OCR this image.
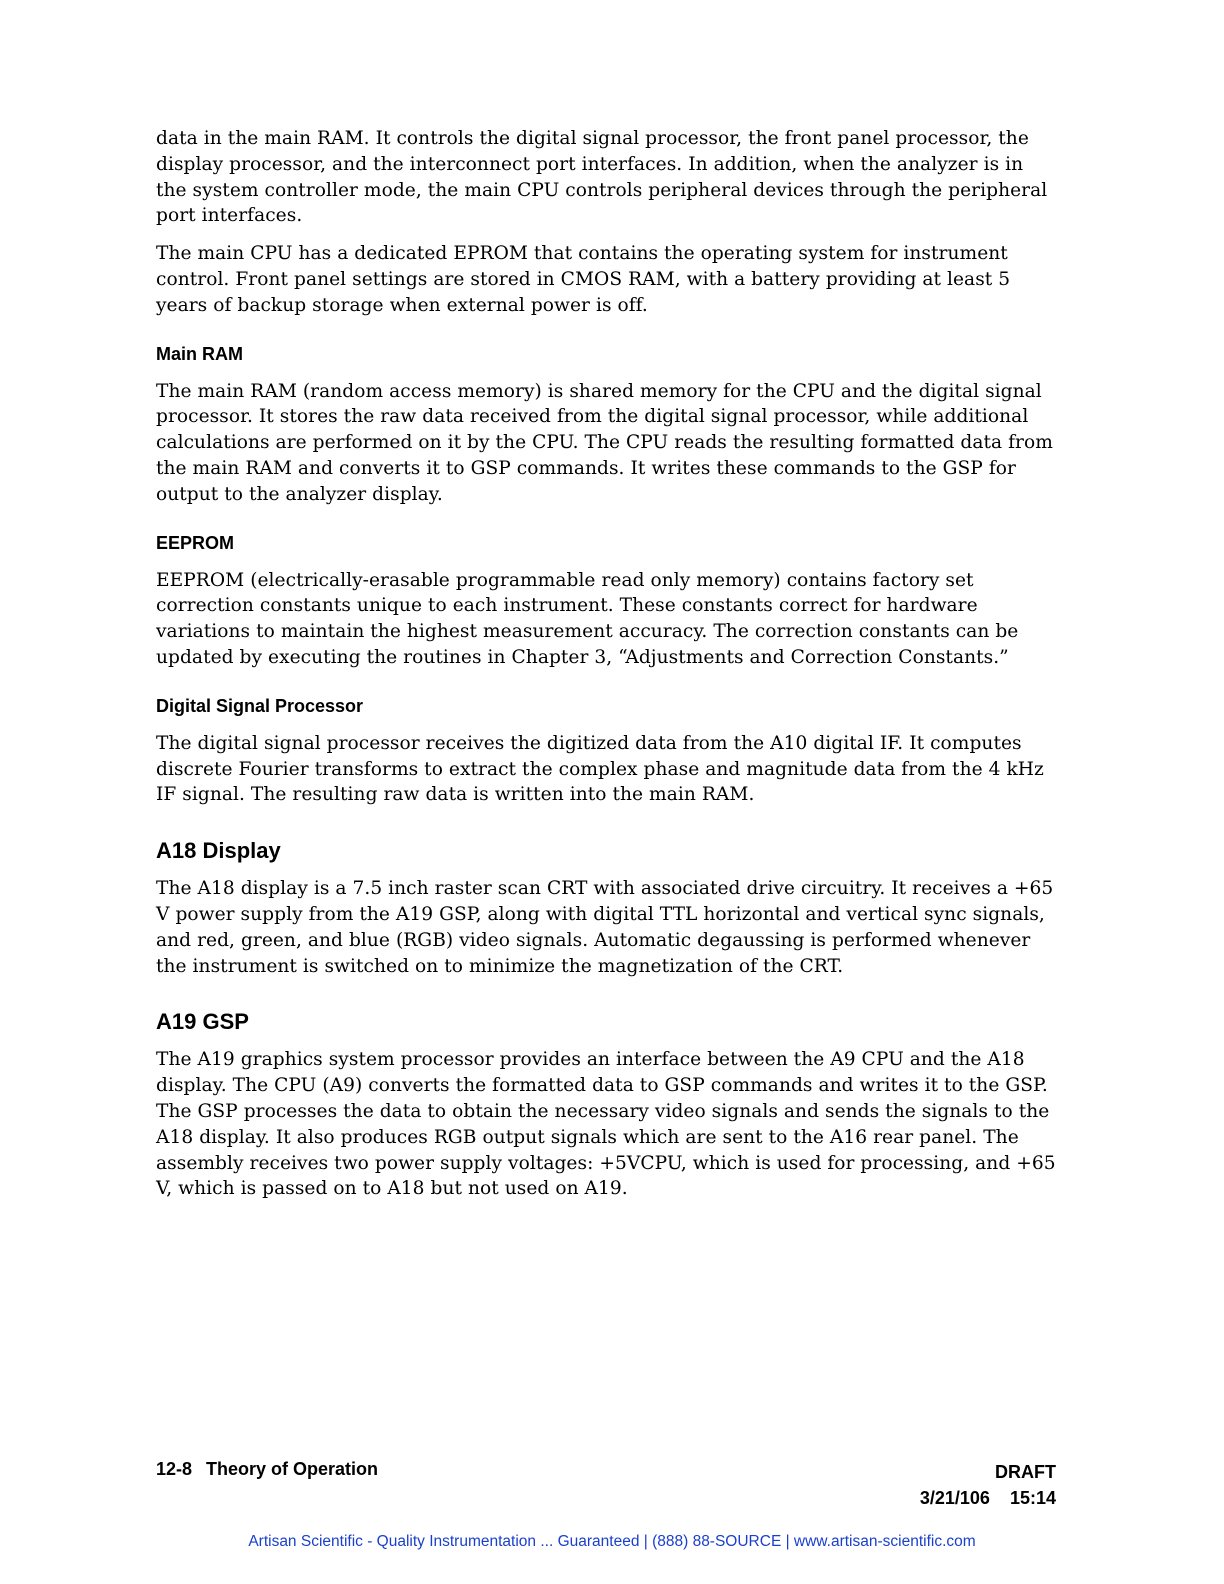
data in the main RAM. It controls the digital signal processor, the front panel processor, the display processor, and the interconnect port interfaces. In addition, when the analyzer is in the system controller mode, the main CPU controls peripheral devices through the peripheral port interfaces.

The main CPU has a dedicated EPROM that contains the operating system for instrument control. Front panel settings are stored in CMOS RAM, with a battery providing at least 5 years of backup storage when external power is off.

Main RAM

The main RAM (random access memory) is shared memory for the CPU and the digital signal processor. It stores the raw data received from the digital signal processor, while additional calculations are performed on it by the CPU. The CPU reads the resulting formatted data from the main RAM and converts it to GSP commands. It writes these commands to the GSP for output to the analyzer display.

EEPROM

EEPROM (electrically-erasable programmable read only memory) contains factory set correction constants unique to each instrument. These constants correct for hardware variations to maintain the highest measurement accuracy. The correction constants can be updated by executing the routines in Chapter 3, “Adjustments and Correction Constants.”

Digital Signal Processor

The digital signal processor receives the digitized data from the A10 digital IF. It computes discrete Fourier transforms to extract the complex phase and magnitude data from the 4 kHz IF signal. The resulting raw data is written into the main RAM.

A18 Display

The A18 display is a 7.5 inch raster scan CRT with associated drive circuitry. It receives a +65 V power supply from the A19 GSP, along with digital TTL horizontal and vertical sync signals, and red, green, and blue (RGB) video signals. Automatic degaussing is performed whenever the instrument is switched on to minimize the magnetization of the CRT.

A19 GSP

The A19 graphics system processor provides an interface between the A9 CPU and the A18 display. The CPU (A9) converts the formatted data to GSP commands and writes it to the GSP. The GSP processes the data to obtain the necessary video signals and sends the signals to the A18 display. It also produces RGB output signals which are sent to the A16 rear panel. The assembly receives two power supply voltages: +5VCPU, which is used for processing, and +65 V, which is passed on to A18 but not used on A19.

12-8 Theory of Operation	DRAFT
3/21/106 15:14
Artisan Scientific - Quality Instrumentation ... Guaranteed | (888) 88-SOURCE | www.artisan-scientific.com
